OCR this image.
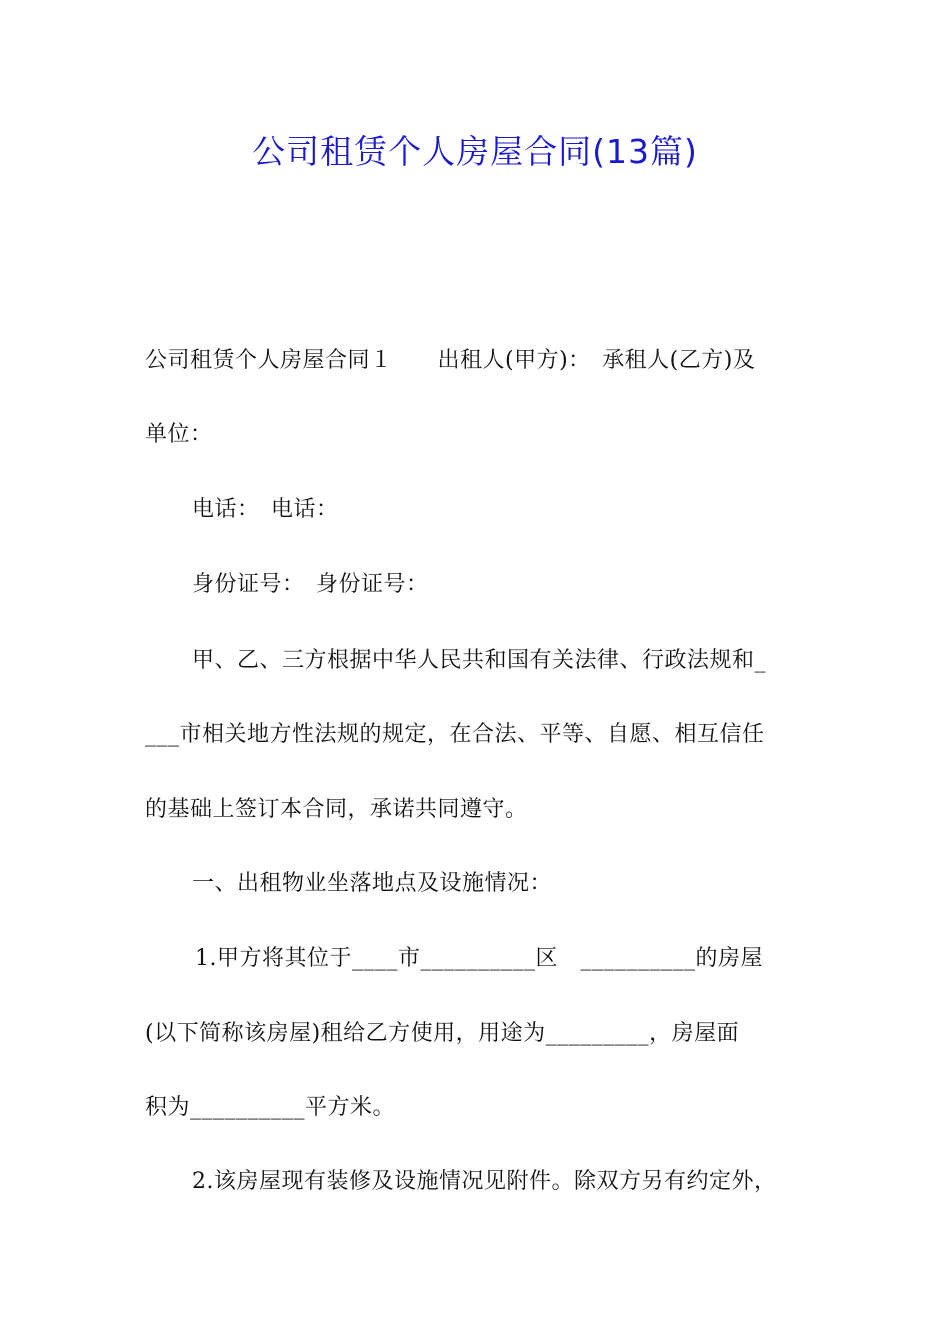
公司租赁个人房屋合同(13篇)
公司租赁个人房屋合同１　　出租人(甲方)：　承租人(乙方)及
单位：
电话：　电话：
身份证号：　身份证号：
甲、乙、三方根据中华人民共和国有关法律、行政法规和_
___市相关地方性法规的规定，在合法、平等、自愿、相互信任
的基础上签订本合同，承诺共同遵守。
一、出租物业坐落地点及设施情况：
1.甲方将其位于____市__________区　__________的房屋
(以下简称该房屋)租给乙方使用，用途为_________，房屋面
积为__________平方米。
2.该房屋现有装修及设施情况见附件。除双方另有约定外，
